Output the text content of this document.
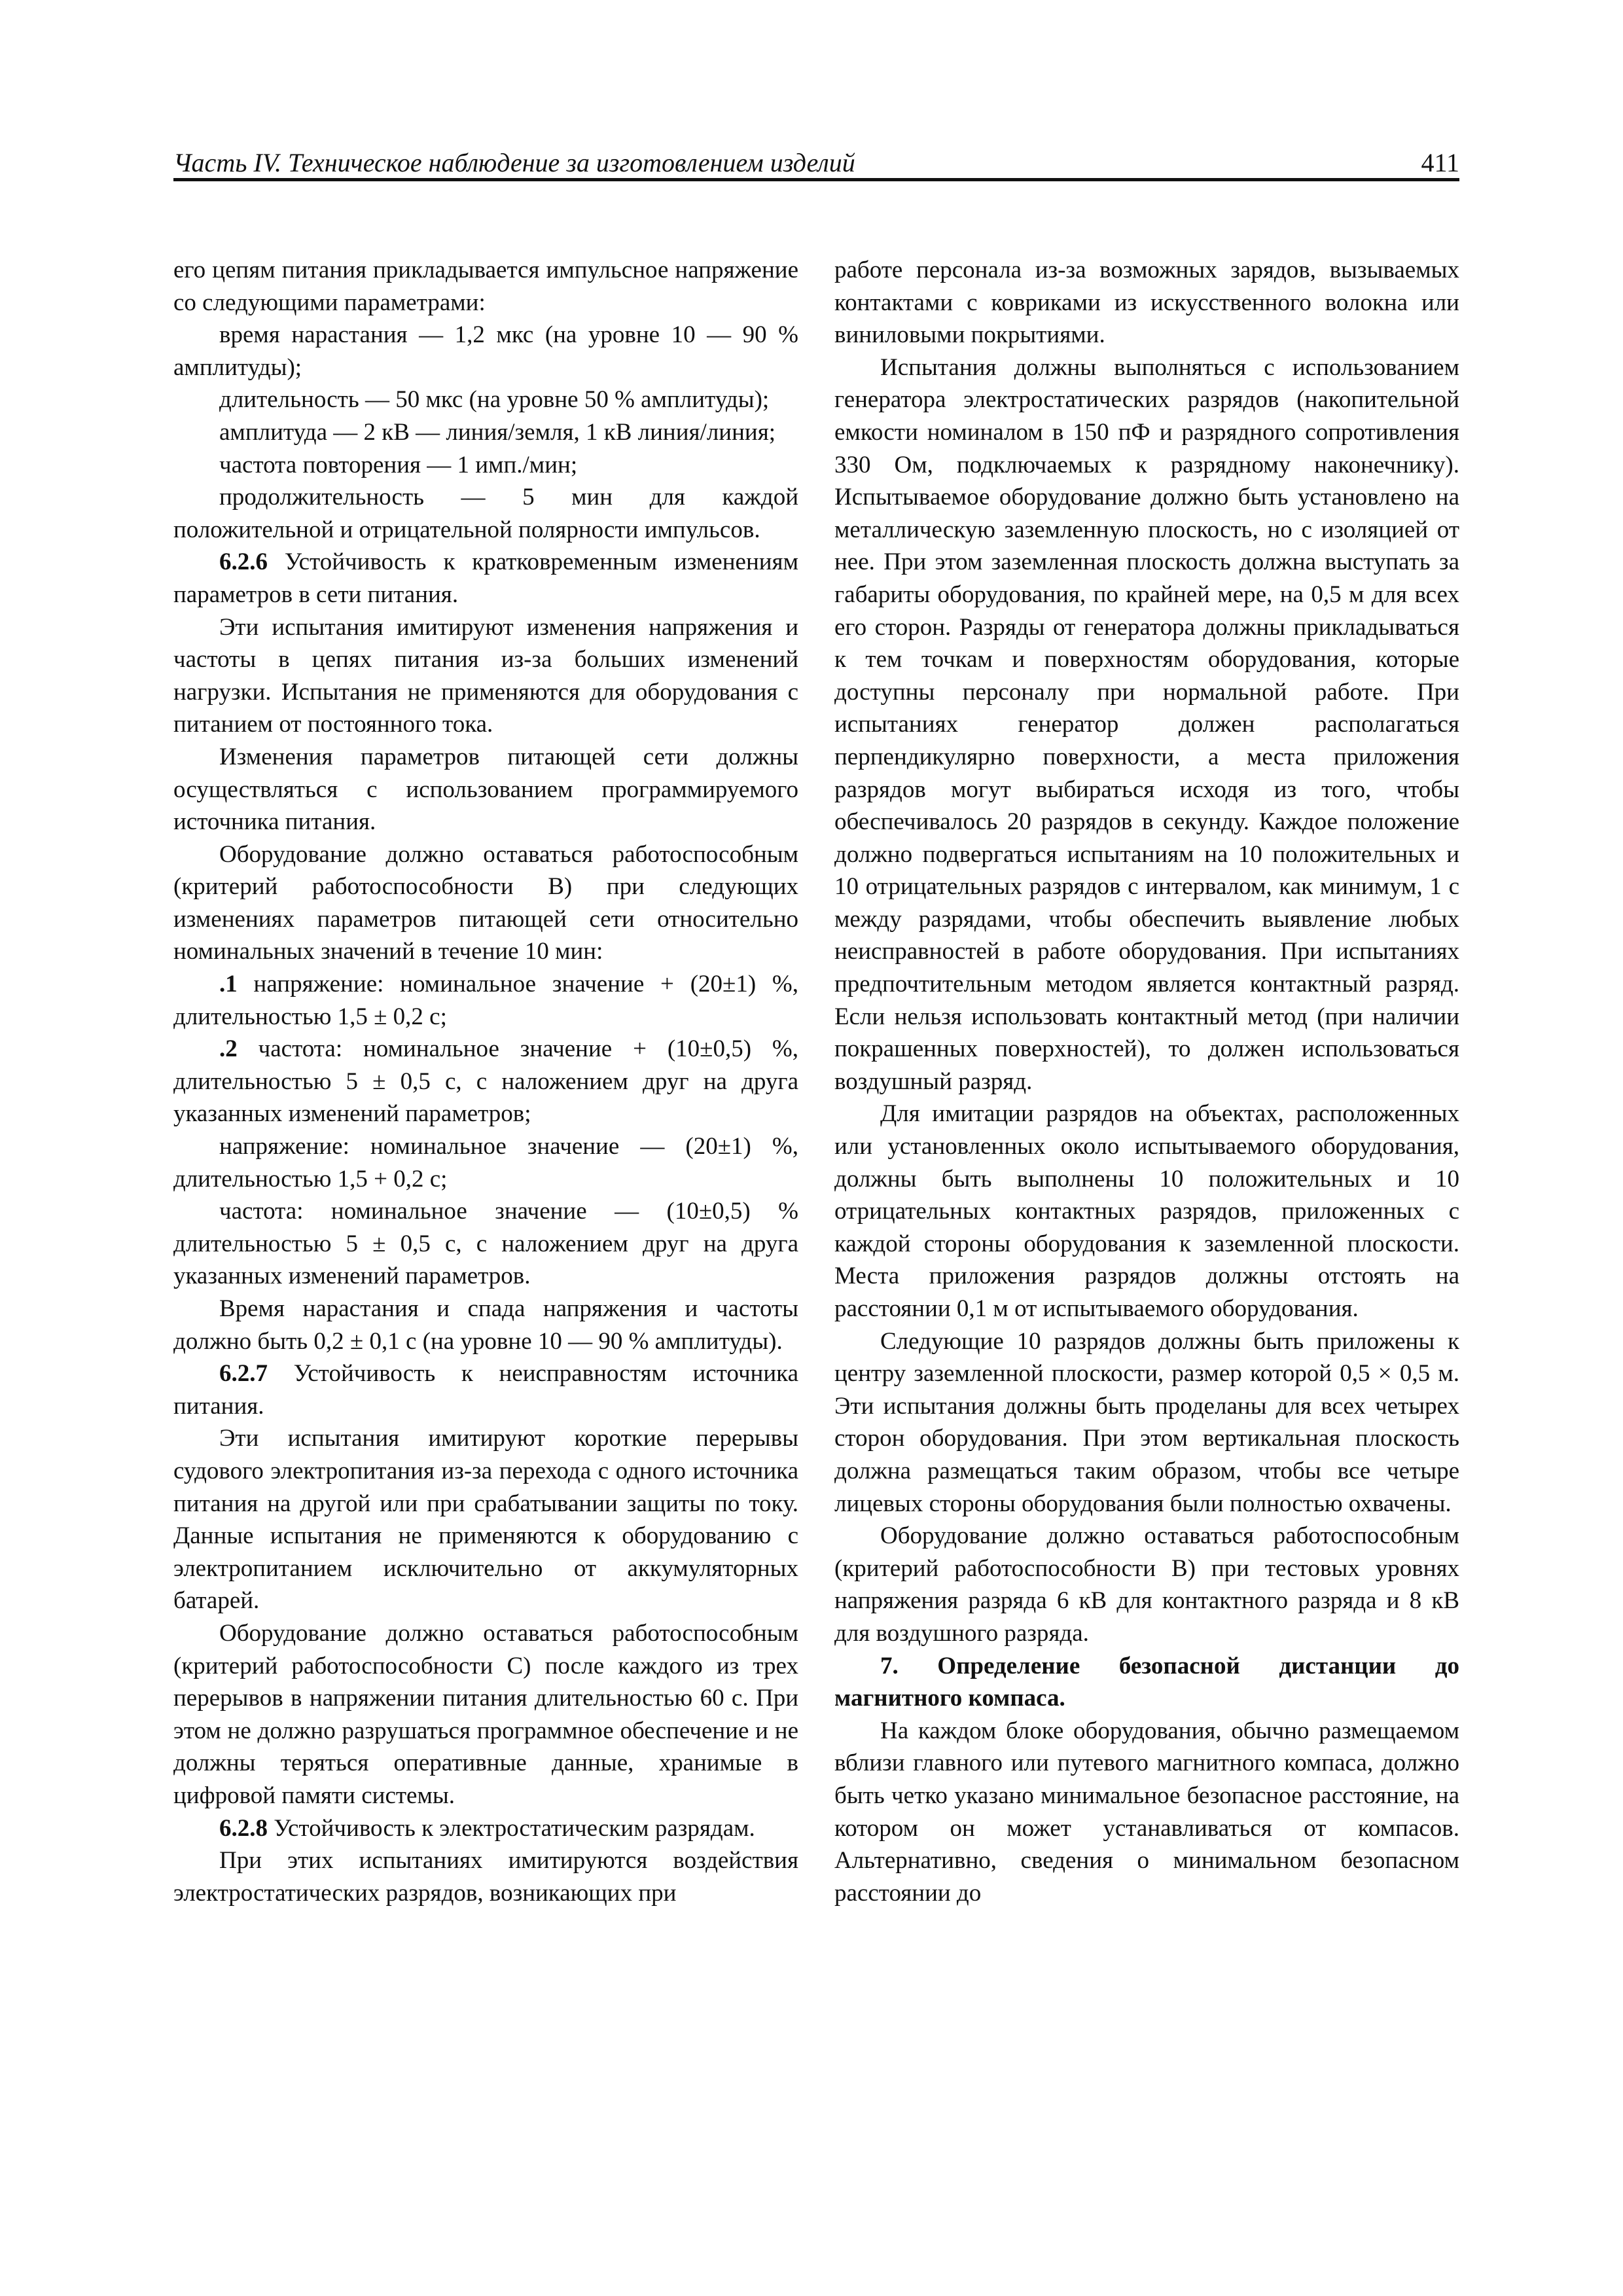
Часть IV. Техническое наблюдение за изготовлением изделий	411

его цепям питания прикладывается импульсное напряжение со следующими параметрами:

время нарастания — 1,2 мкс (на уровне 10 — 90 % амплитуды);

длительность — 50 мкс (на уровне 50 % амплитуды);

амплитуда — 2 кВ — линия/земля, 1 кВ линия/линия;

частота повторения — 1 имп./мин;

продолжительность — 5 мин для каждой положительной и отрицательной полярности импульсов.

6.2.6 Устойчивость к кратковременным изменениям параметров в сети питания.

Эти испытания имитируют изменения напряжения и частоты в цепях питания из-за больших изменений нагрузки. Испытания не применяются для оборудования с питанием от постоянного тока.

Изменения параметров питающей сети должны осуществляться с использованием программируемого источника питания.

Оборудование должно оставаться работоспособным (критерий работоспособности В) при следующих изменениях параметров питающей сети относительно номинальных значений в течение 10 мин:

.1 напряжение: номинальное значение + (20±1) %, длительностью 1,5 ± 0,2 с;

.2 частота: номинальное значение + (10±0,5) %, длительностью 5 ± 0,5 с, с наложением друг на друга указанных изменений параметров;

напряжение: номинальное значение — (20±1) %, длительностью 1,5 + 0,2 с;

частота: номинальное значение — (10±0,5) % длительностью 5 ± 0,5 с, с наложением друг на друга указанных изменений параметров.

Время нарастания и спада напряжения и частоты должно быть 0,2 ± 0,1 с (на уровне 10 — 90 % амплитуды).

6.2.7 Устойчивость к неисправностям источника питания.

Эти испытания имитируют короткие перерывы судового электропитания из-за перехода с одного источника питания на другой или при срабатывании защиты по току. Данные испытания не применяются к оборудованию с электропитанием исключительно от аккумуляторных батарей.

Оборудование должно оставаться работоспособным (критерий работоспособности С) после каждого из трех перерывов в напряжении питания длительностью 60 с. При этом не должно разрушаться программное обеспечение и не должны теряться оперативные данные, хранимые в цифровой памяти системы.

6.2.8 Устойчивость к электростатическим разрядам.

При этих испытаниях имитируются воздействия электростатических разрядов, возникающих при

работе персонала из-за возможных зарядов, вызываемых контактами с ковриками из искусственного волокна или виниловыми покрытиями.

Испытания должны выполняться с использованием генератора электростатических разрядов (накопительной емкости номиналом в 150 пФ и разрядного сопротивления 330 Ом, подключаемых к разрядному наконечнику). Испытываемое оборудование должно быть установлено на металлическую заземленную плоскость, но с изоляцией от нее. При этом заземленная плоскость должна выступать за габариты оборудования, по крайней мере, на 0,5 м для всех его сторон. Разряды от генератора должны прикладываться к тем точкам и поверхностям оборудования, которые доступны персоналу при нормальной работе. При испытаниях генератор должен располагаться перпендикулярно поверхности, а места приложения разрядов могут выбираться исходя из того, чтобы обеспечивалось 20 разрядов в секунду. Каждое положение должно подвергаться испытаниям на 10 положительных и 10 отрицательных разрядов с интервалом, как минимум, 1 с между разрядами, чтобы обеспечить выявление любых неисправностей в работе оборудования. При испытаниях предпочтительным методом является контактный разряд. Если нельзя использовать контактный метод (при наличии покрашенных поверхностей), то должен использоваться воздушный разряд.

Для имитации разрядов на объектах, расположенных или установленных около испытываемого оборудования, должны быть выполнены 10 положительных и 10 отрицательных контактных разрядов, приложенных с каждой стороны оборудования к заземленной плоскости. Места приложения разрядов должны отстоять на расстоянии 0,1 м от испытываемого оборудования.

Следующие 10 разрядов должны быть приложены к центру заземленной плоскости, размер которой 0,5 × 0,5 м. Эти испытания должны быть проделаны для всех четырех сторон оборудования. При этом вертикальная плоскость должна размещаться таким образом, чтобы все четыре лицевых стороны оборудования были полностью охвачены.

Оборудование должно оставаться работоспособным (критерий работоспособности В) при тестовых уровнях напряжения разряда 6 кВ для контактного разряда и 8 кВ для воздушного разряда.

7. Определение безопасной дистанции до магнитного компаса.

На каждом блоке оборудования, обычно размещаемом вблизи главного или путевого магнитного компаса, должно быть четко указано минимальное безопасное расстояние, на котором он может устанавливаться от компасов. Альтернативно, сведения о минимальном безопасном расстоянии до
